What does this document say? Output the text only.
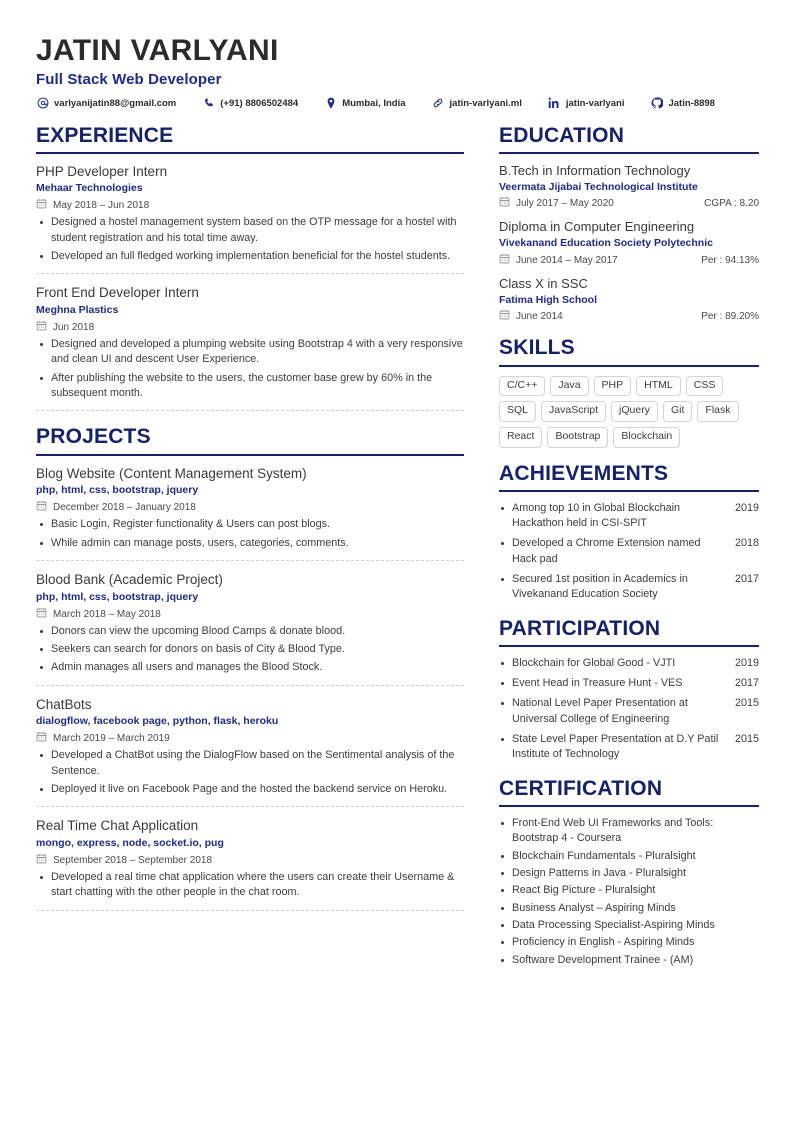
JATIN VARLYANI
Full Stack Web Developer
varlyanijatin88@gmail.com	(+91) 8806502484	Mumbai, India	jatin-varlyani.ml	jatin-varlyani	Jatin-8898
EXPERIENCE
PHP Developer Intern
Mehaar Technologies
May 2018 – Jun 2018
Designed a hostel management system based on the OTP message for a hostel with student registration and his total time away.
Developed an full fledged working implementation beneficial for the hostel students.
Front End Developer Intern
Meghna Plastics
Jun 2018
Designed and developed a plumping website using Bootstrap 4 with a very responsive and clean UI and descent User Experience.
After publishing the website to the users, the customer base grew by 60% in the subsequent month.
PROJECTS
Blog Website (Content Management System)
php, html, css, bootstrap, jquery
December 2018 – January 2018
Basic Login, Register functionality & Users can post blogs.
While admin can manage posts, users, categories, comments.
Blood Bank (Academic Project)
php, html, css, bootstrap, jquery
March 2018 – May 2018
Donors can view the upcoming Blood Camps & donate blood.
Seekers can search for donors on basis of City & Blood Type.
Admin manages all users and manages the Blood Stock.
ChatBots
dialogflow, facebook page, python, flask, heroku
March 2019 – March 2019
Developed a ChatBot using the DialogFlow based on the Sentimental analysis of the Sentence.
Deployed it live on Facebook Page and the hosted the backend service on Heroku.
Real Time Chat Application
mongo, express, node, socket.io, pug
September 2018 – September 2018
Developed a real time chat application where the users can create their Username & start chatting with the other people in the chat room.
EDUCATION
B.Tech in Information Technology
Veermata Jijabai Technological Institute
July 2017 – May 2020	CGPA : 8.20
Diploma in Computer Engineering
Vivekanand Education Society Polytechnic
June 2014 – May 2017	Per : 94.13%
Class X in SSC
Fatima High School
June 2014	Per : 89.20%
SKILLS
C/C++	Java	PHP	HTML	CSS
SQL	JavaScript	jQuery	Git	Flask
React	Bootstrap	Blockchain
ACHIEVEMENTS
2019
Among top 10 in Global Blockchain Hackathon held in CSI-SPIT
2018
Developed a Chrome Extension named Hack pad
2017
Secured 1st position in Academics in Vivekanand Education Society
PARTICIPATION
2019
Blockchain for Global Good - VJTI
2017
Event Head in Treasure Hunt - VES
2015
National Level Paper Presentation at Universal College of Engineering
2015
State Level Paper Presentation at D.Y Patil Institute of Technology
CERTIFICATION
Front-End Web UI Frameworks and Tools: Bootstrap 4 - Coursera
Blockchain Fundamentals - Pluralsight
Design Patterns in Java - Pluralsight
React Big Picture - Pluralsight
Business Analyst – Aspiring Minds
Data Processing Specialist-Aspiring Minds
Proficiency in English - Aspiring Minds
Software Development Trainee - (AM)
